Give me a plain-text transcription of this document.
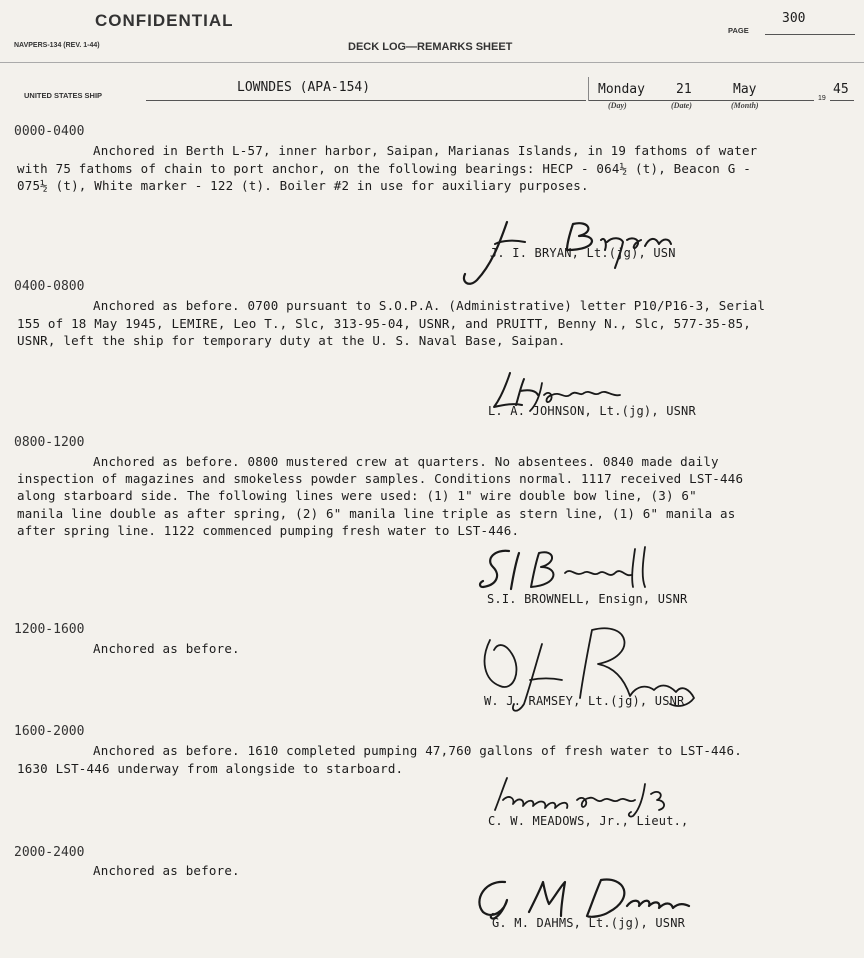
CONFIDENTIAL
NAVPERS-134 (REV. 1-44)	DECK LOG—REMARKS SHEET
PAGE
300
UNITED STATES SHIP
LOWNDES (APA-154)	Monday 21	May
19
45
(Day)	(Date)	(Month)
0000-0400
Anchored in Berth L-57, inner harbor, Saipan, Marianas Islands, in 19 fathoms of water
with 75 fathoms of chain to port anchor, on the following bearings: HECP - 064½ (t), Beacon G -
075½ (t), White marker - 122 (t). Boiler #2 in use for auxiliary purposes.
J. I. BRYAN, Lt.(jg), USN
0400-0800
Anchored as before. 0700 pursuant to S.O.P.A. (Administrative) letter P10/P16-3, Serial
155 of 18 May 1945, LEMIRE, Leo T., Slc, 313-95-04, USNR, and PRUITT, Benny N., Slc, 577-35-85,
USNR, left the ship for temporary duty at the U. S. Naval Base, Saipan.
L. A. JOHNSON, Lt.(jg), USNR
0800-1200
Anchored as before. 0800 mustered crew at quarters. No absentees. 0840 made daily
inspection of magazines and smokeless powder samples. Conditions normal. 1117 received LST-446
along starboard side. The following lines were used: (1) 1" wire double bow line, (3) 6"
manila line double as after spring, (2) 6" manila line triple as stern line, (1) 6" manila as
after spring line. 1122 commenced pumping fresh water to LST-446.
S.I. BROWNELL, Ensign, USNR
1200-1600
Anchored as before.
W. J. RAMSEY, Lt.(jg), USNR
1600-2000
Anchored as before. 1610 completed pumping 47,760 gallons of fresh water to LST-446.
1630 LST-446 underway from alongside to starboard.
C. W. MEADOWS, Jr., Lieut.,
2000-2400
Anchored as before.
G. M. DAHMS, Lt.(jg), USNR
